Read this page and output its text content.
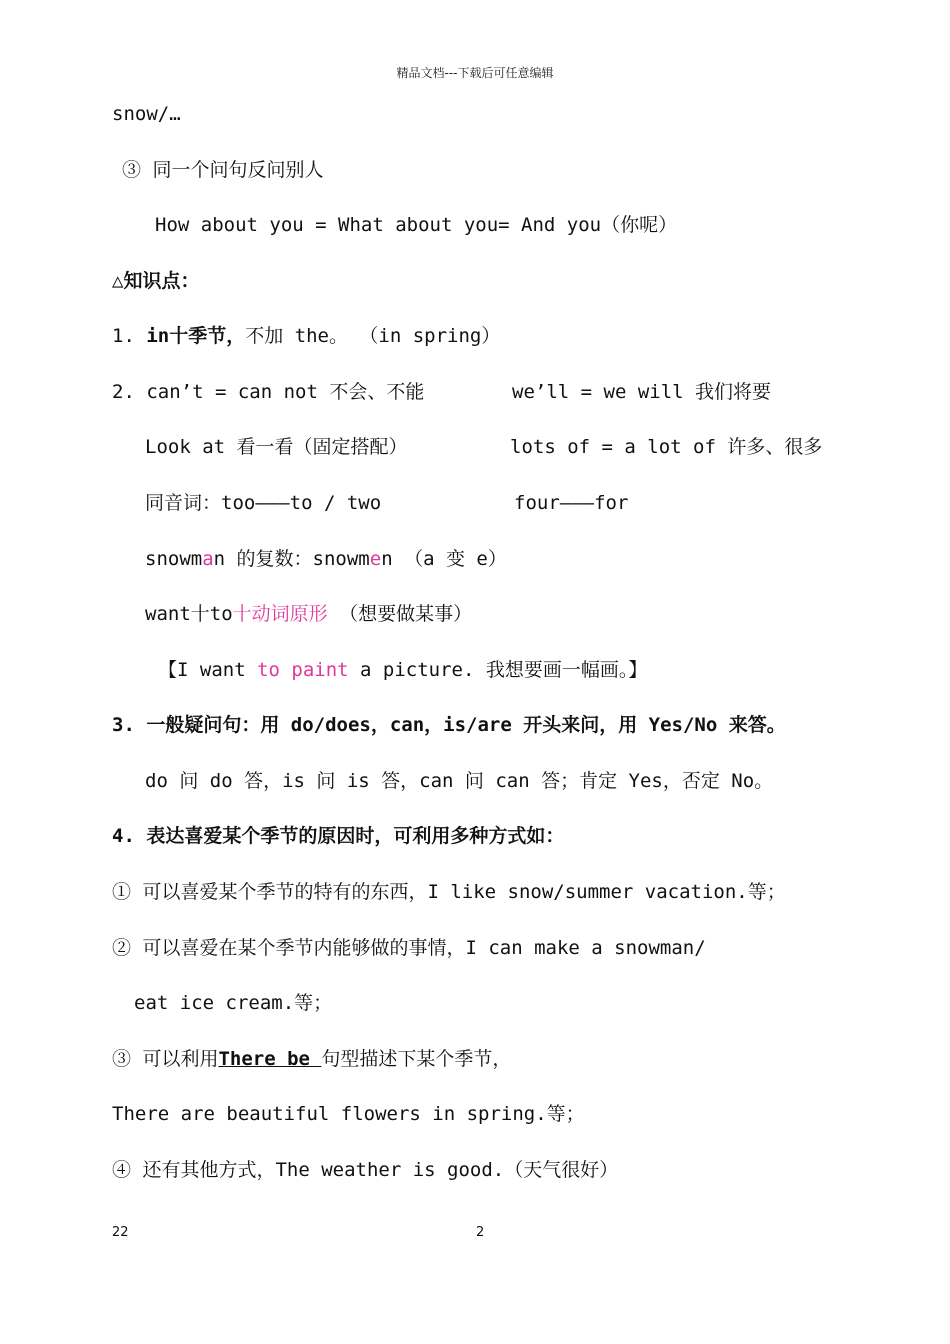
精品文档---下载后可任意编辑
snow/…
③ 同一个问句反问别人
How about you = What about you= And you（你呢）
△知识点：
1. in十季节，不加 the。 （in spring）
2. can’t = can not 不会、不能	we’ll = we will 我们将要
Look at 看一看（固定搭配）	lots of = a lot of 许多、很多
同音词：too———to / two	four———for
snowman 的复数：snowmen （a 变 e）
want十to十动词原形 （想要做某事）
【I want to paint a picture. 我想要画一幅画。】
3. 一般疑问句：用 do/does，can，is/are 开头来问，用 Yes/No 来答。
do 问 do 答，is 问 is 答，can 问 can 答；肯定 Yes，否定 No。
4. 表达喜爱某个季节的原因时，可利用多种方式如：
① 可以喜爱某个季节的特有的东西，I like snow/summer vacation.等；
② 可以喜爱在某个季节内能够做的事情，I can make a snowman/
eat ice cream.等；
③ 可以利用There be 句型描述下某个季节，
There are beautiful flowers in spring.等；
④ 还有其他方式，The weather is good.（天气很好）
22	2
